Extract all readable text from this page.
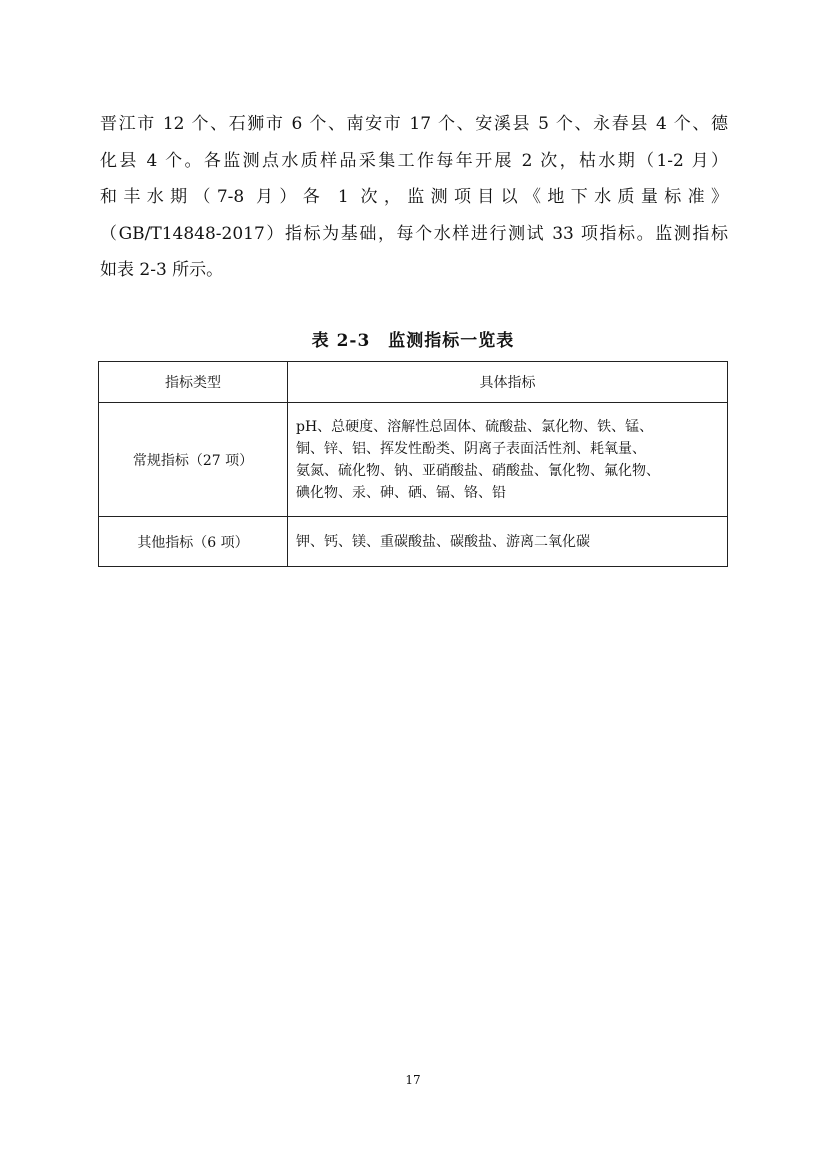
晋江市 12 个、石狮市 6 个、南安市 17 个、安溪县 5 个、永春县 4 个、德
化县 4 个。各监测点水质样品采集工作每年开展 2 次，枯水期（1-2 月）
和丰水期（7-8 月）各 1 次，监测项目以《地下水质量标准》
（GB/T14848-2017）指标为基础，每个水样进行测试 33 项指标。监测指标
如表 2-3 所示。

表 2-3　监测指标一览表
指标类型	具体指标
常规指标（27 项）	pH、总硬度、溶解性总固体、硫酸盐、氯化物、铁、锰、
铜、锌、铝、挥发性酚类、阴离子表面活性剂、耗氧量、
氨氮、硫化物、钠、亚硝酸盐、硝酸盐、氰化物、氟化物、
碘化物、汞、砷、硒、镉、铬、铅

其他指标（6 项）	钾、钙、镁、重碳酸盐、碳酸盐、游离二氧化碳
17
